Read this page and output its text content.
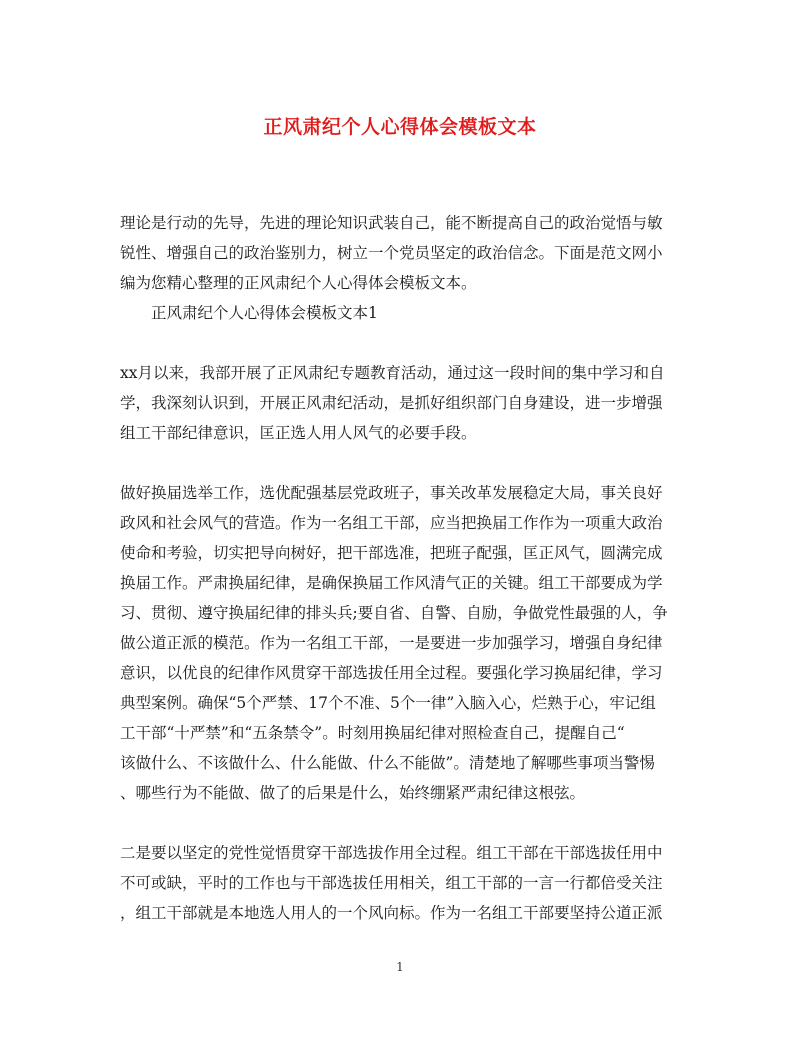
正风肃纪个人心得体会模板文本

理论是行动的先导，先进的理论知识武装自己，能不断提高自己的政治觉悟与敏
锐性、增强自己的政治鉴别力，树立一个党员坚定的政治信念。下面是范文网小
编为您精心整理的正风肃纪个人心得体会模板文本。

正风肃纪个人心得体会模板文本1

xx月以来，我部开展了正风肃纪专题教育活动，通过这一段时间的集中学习和自
学，我深刻认识到，开展正风肃纪活动，是抓好组织部门自身建设，进一步增强
组工干部纪律意识，匡正选人用人风气的必要手段。

做好换届选举工作，选优配强基层党政班子，事关改革发展稳定大局，事关良好
政风和社会风气的营造。作为一名组工干部，应当把换届工作作为一项重大政治
使命和考验，切实把导向树好，把干部选准，把班子配强，匡正风气，圆满完成
换届工作。严肃换届纪律，是确保换届工作风清气正的关键。组工干部要成为学
习、贯彻、遵守换届纪律的排头兵;要自省、自警、自励，争做党性最强的人，争
做公道正派的模范。作为一名组工干部，一是要进一步加强学习，增强自身纪律
意识，以优良的纪律作风贯穿干部选拔任用全过程。要强化学习换届纪律，学习
典型案例。确保“5个严禁、17个不准、5个一律”入脑入心，烂熟于心，牢记组
工干部“十严禁”和“五条禁令”。时刻用换届纪律对照检查自己，提醒自己“
该做什么、不该做什么、什么能做、什么不能做”。清楚地了解哪些事项当警惕
、哪些行为不能做、做了的后果是什么，始终绷紧严肃纪律这根弦。

二是要以坚定的党性觉悟贯穿干部选拔作用全过程。组工干部在干部选拔任用中
不可或缺，平时的工作也与干部选拔任用相关，组工干部的一言一行都倍受关注
，组工干部就是本地选人用人的一个风向标。作为一名组工干部要坚持公道正派

1
